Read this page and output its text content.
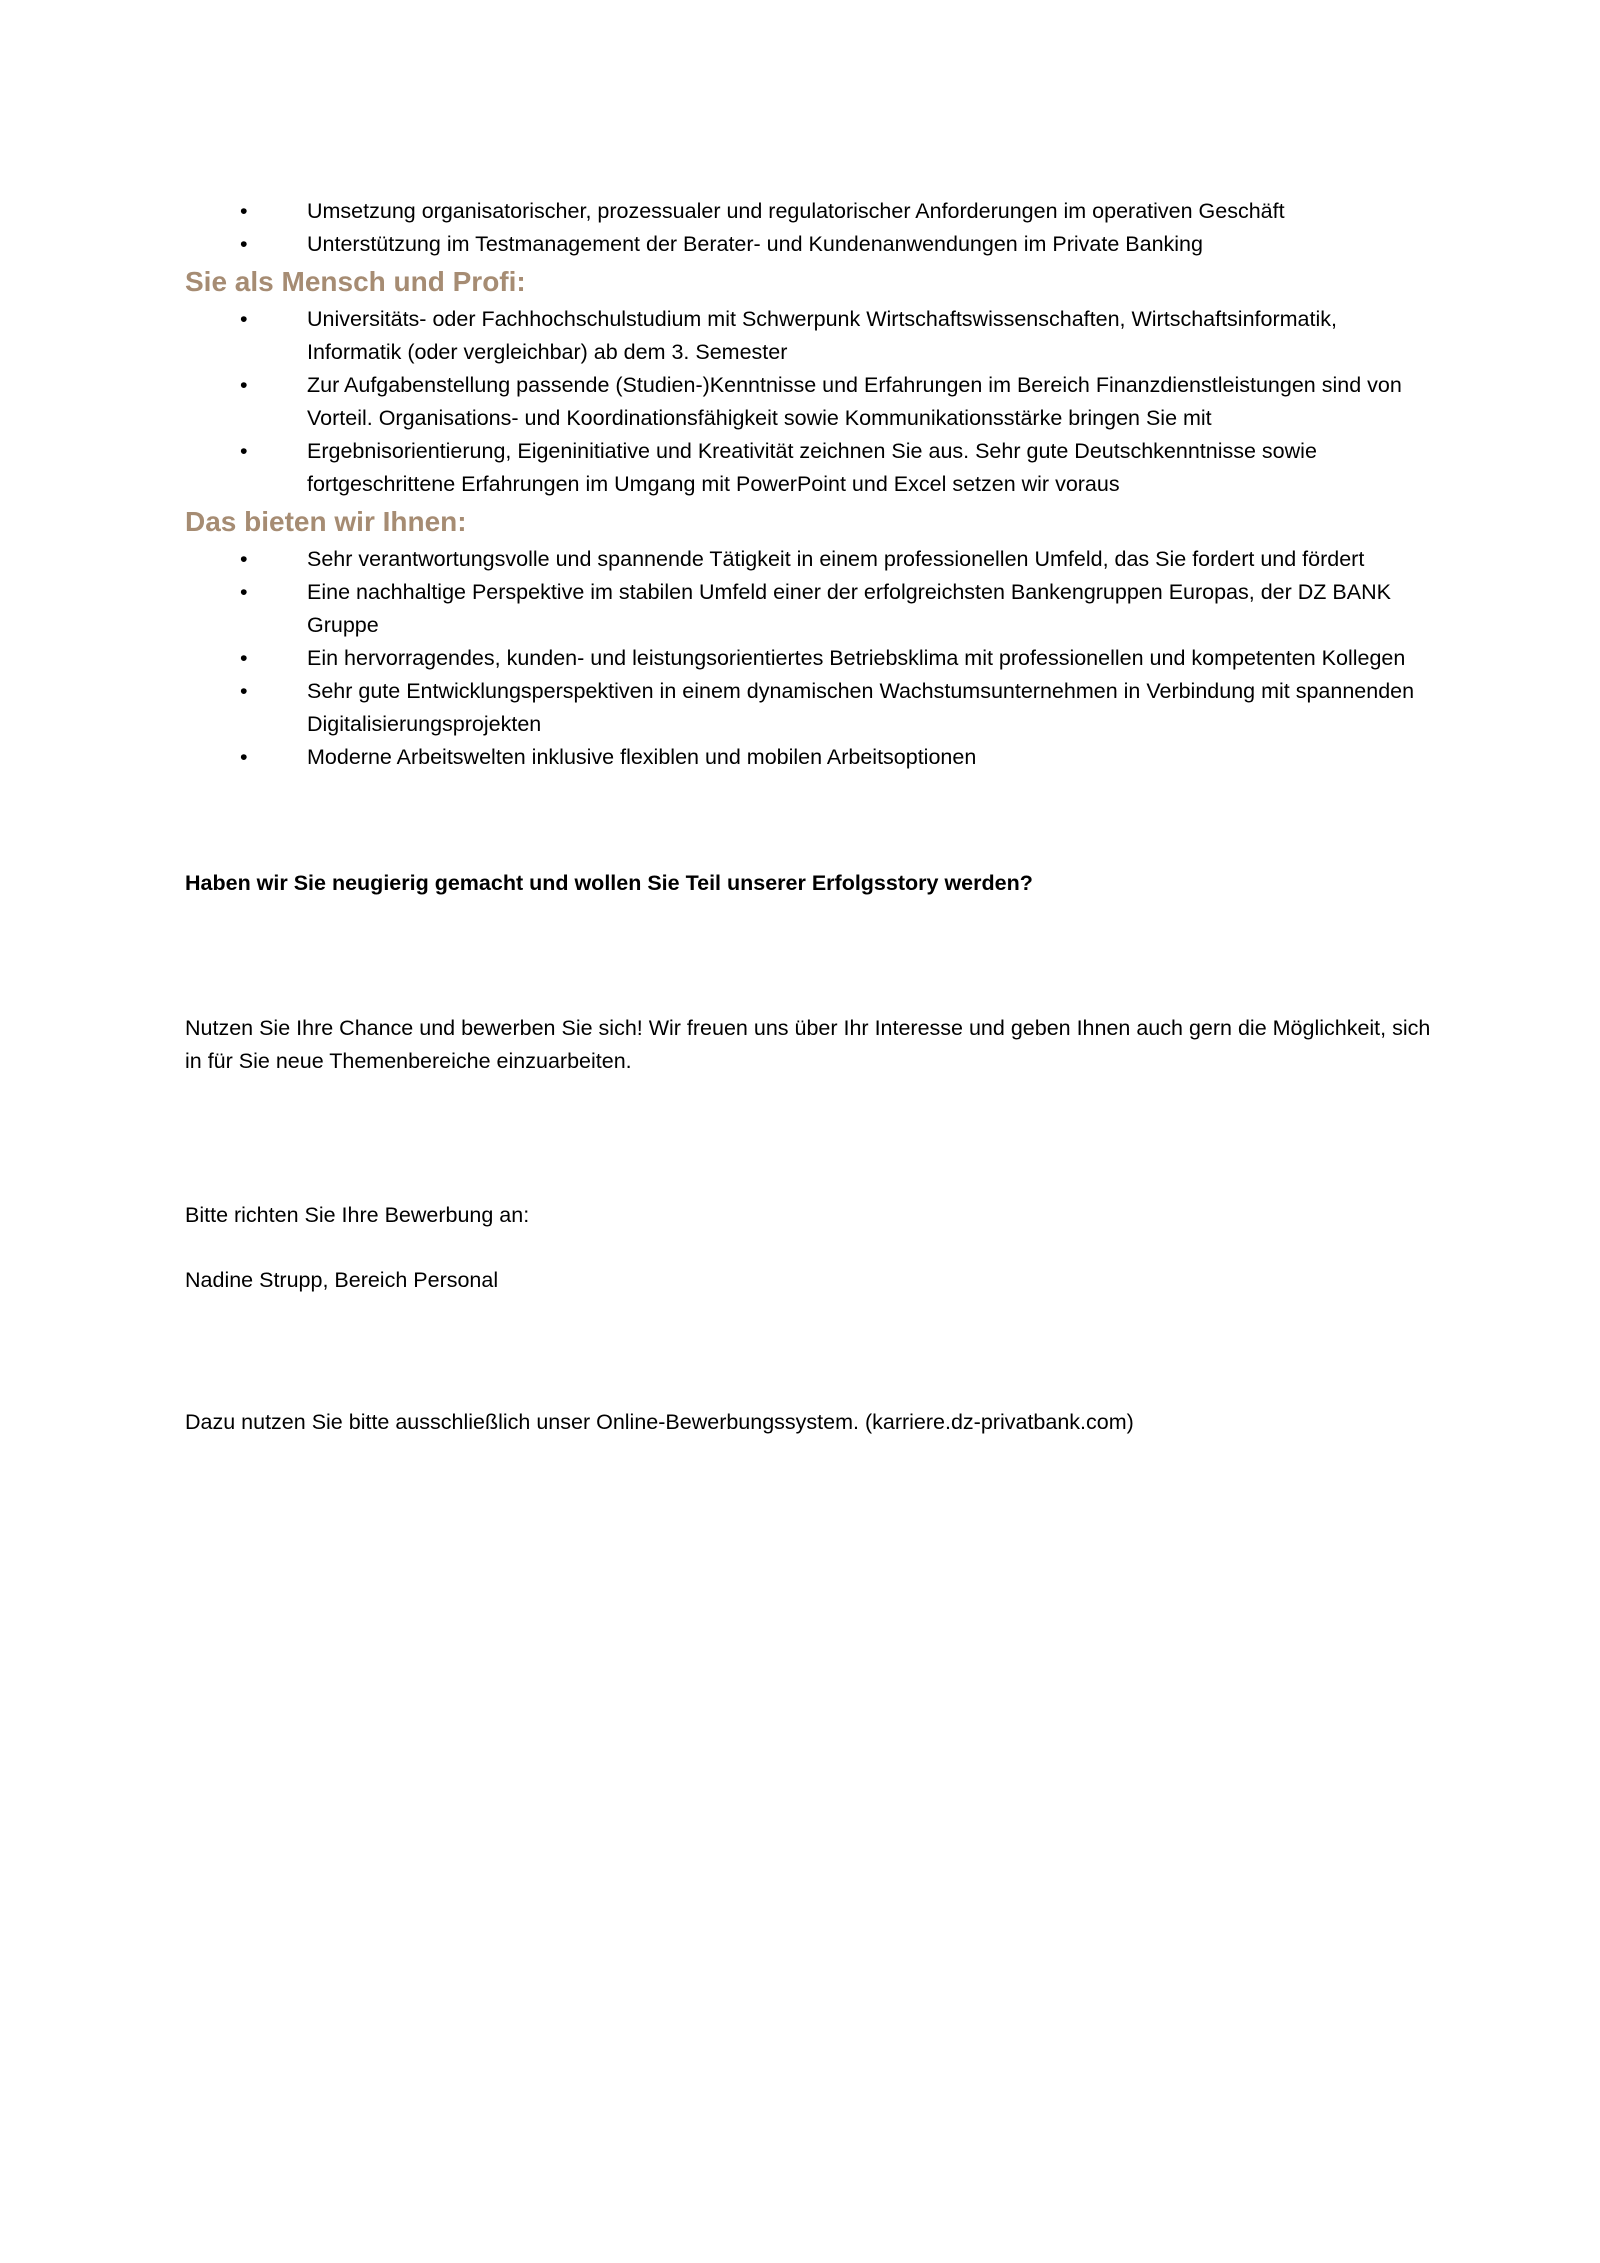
• Umsetzung organisatorischer, prozessualer und regulatorischer Anforderungen im operativen Geschäft
• Unterstützung im Testmanagement der Berater- und Kundenanwendungen im Private Banking
Sie als Mensch und Profi:
• Universitäts- oder Fachhochschulstudium mit Schwerpunk Wirtschaftswissenschaften, Wirtschaftsinformatik, Informatik (oder vergleichbar) ab dem 3. Semester
• Zur Aufgabenstellung passende (Studien-)Kenntnisse und Erfahrungen im Bereich Finanzdienstleistungen sind von Vorteil. Organisations- und Koordinationsfähigkeit sowie Kommunikationsstärke bringen Sie mit
• Ergebnisorientierung, Eigeninitiative und Kreativität zeichnen Sie aus. Sehr gute Deutschkenntnisse sowie fortgeschrittene Erfahrungen im Umgang mit PowerPoint und Excel setzen wir voraus
Das bieten wir Ihnen:
• Sehr verantwortungsvolle und spannende Tätigkeit in einem professionellen Umfeld, das Sie fordert und fördert
• Eine nachhaltige Perspektive im stabilen Umfeld einer der erfolgreichsten Bankengruppen Europas, der DZ BANK Gruppe
• Ein hervorragendes, kunden- und leistungsorientiertes Betriebsklima mit professionellen und kompetenten Kollegen
• Sehr gute Entwicklungsperspektiven in einem dynamischen Wachstumsunternehmen in Verbindung mit spannenden Digitalisierungsprojekten
• Moderne Arbeitswelten inklusive flexiblen und mobilen Arbeitsoptionen

Haben wir Sie neugierig gemacht und wollen Sie Teil unserer Erfolgsstory werden?

Nutzen Sie Ihre Chance und bewerben Sie sich! Wir freuen uns über Ihr Interesse und geben Ihnen auch gern die Möglichkeit, sich in für Sie neue Themenbereiche einzuarbeiten.

Bitte richten Sie Ihre Bewerbung an:

Nadine Strupp, Bereich Personal

Dazu nutzen Sie bitte ausschließlich unser Online-Bewerbungssystem. (karriere.dz-privatbank.com)
